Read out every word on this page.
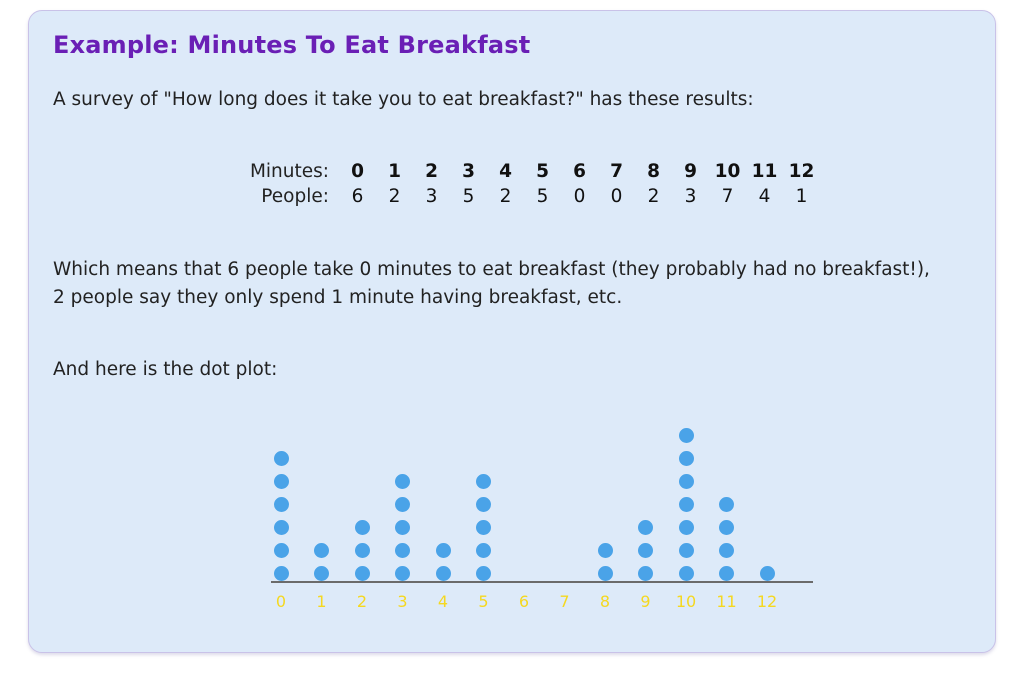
Example: Minutes To Eat Breakfast
A survey of "How long does it take you to eat breakfast?" has these results:
Minutes:	0	1	2	3	4	5	6	7	8	9	10	11	12
People:	6	2	3	5	2	5	0	0	2	3	7	4	1
Which means that 6 people take 0 minutes to eat breakfast (they probably had no breakfast!), 2 people say they only spend 1 minute having breakfast, etc.
And here is the dot plot:
0	1	2	3	4	5	6	7	8	9	10	11	12
